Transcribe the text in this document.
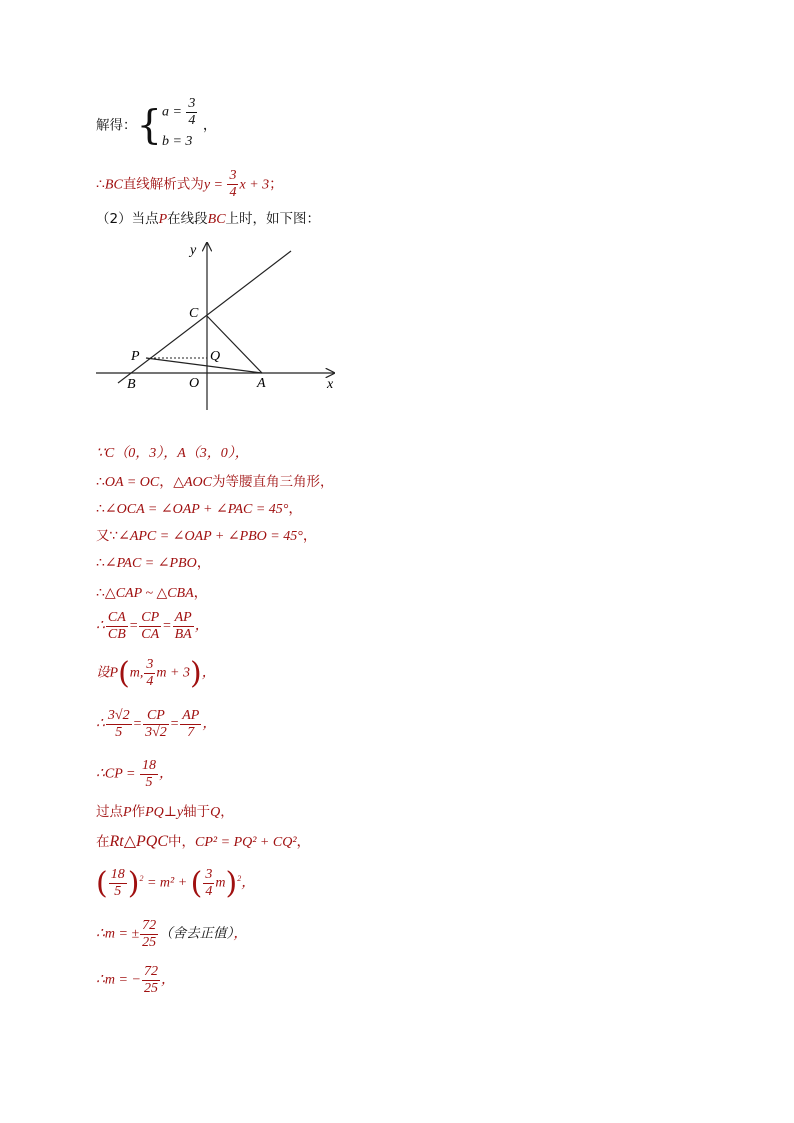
解得：{ $a = \frac{3}{4}$
b = 3
，
∴BC直线解析式为$y = \frac{3}{4}$ x + 3；
（2）当点P在线段BC上时，如下图：
y
x
C
P	Q
B	O	A
∵C（0，3），A（3，0），
∴OA = OC，△AOC为等腰直角三角形，
∴∠OCA = ∠OAP + ∠PAC = 45°，
又∵∠APC = ∠OAP + ∠PBO = 45°，
∴∠PAC = ∠PBO，
∴△CAP ~ △CBA，
∴ $\frac{CA}{CB} = \frac{CP}{CA} = \frac{AP}{BA}$ ，
设P(m, $\frac{3}{4}$ m + 3)，
∴ $\frac{3√2}{5} = \frac{CP}{3√2} = \frac{AP}{7}$ ，
∴CP = $\frac{18}{5}$ ，
过点P作PQ⊥y轴于Q，
在Rt△PQC中，CP² = PQ² + CQ²，
( $\frac{18}{5} )^2 = m^2$ + ( $\frac{3}{4} m)^2$，
∴m = ± $\frac{72}{25}$ （舍去正值），
∴m = − $\frac{72}{25}$ ，
